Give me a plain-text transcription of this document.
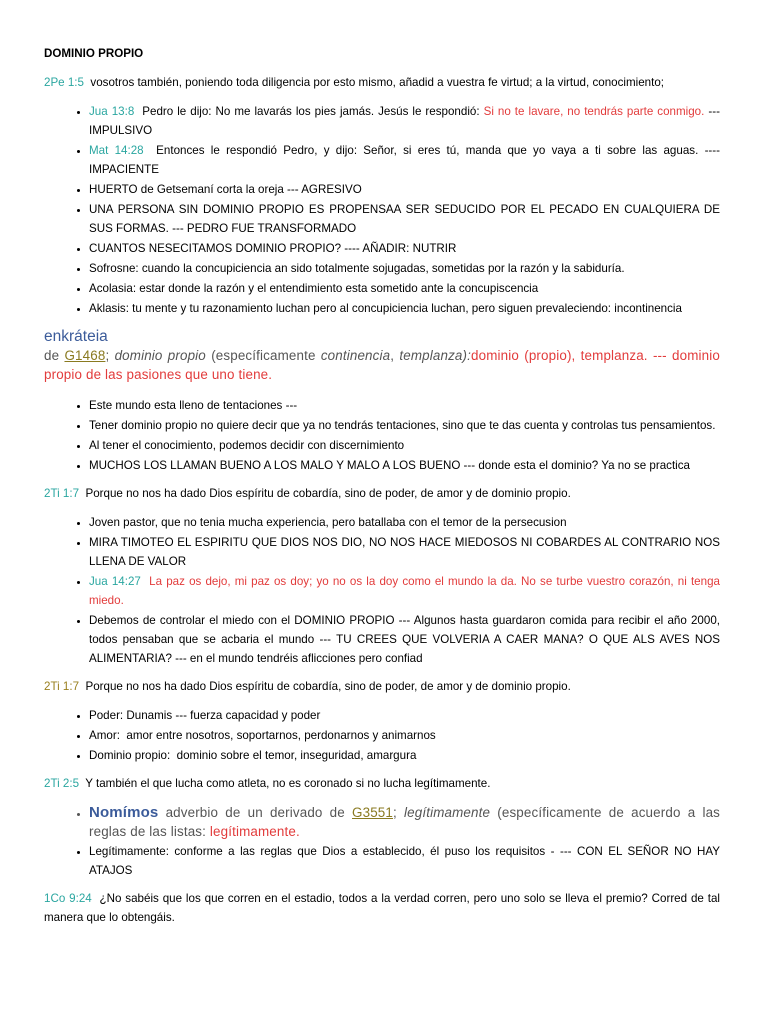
DOMINIO PROPIO

2Pe 1:5 vosotros también, poniendo toda diligencia por esto mismo, añadid a vuestra fe virtud; a la virtud, conocimiento;

• Jua 13:8 Pedro le dijo: No me lavarás los pies jamás. Jesús le respondió: Si no te lavare, no tendrás parte conmigo. --- IMPULSIVO
• Mat 14:28 Entonces le respondió Pedro, y dijo: Señor, si eres tú, manda que yo vaya a ti sobre las aguas. ---- IMPACIENTE
• HUERTO de Getsemaní corta la oreja --- AGRESIVO
• UNA PERSONA SIN DOMINIO PROPIO ES PROPENSAA SER SEDUCIDO POR EL PECADO EN CUALQUIERA DE SUS FORMAS. --- PEDRO FUE TRANSFORMADO
• CUANTOS NESECITAMOS DOMINIO PROPIO? ---- AÑADIR: NUTRIR
• Sofrosne: cuando la concupiciencia an sido totalmente sojugadas, sometidas por la razón y la sabiduría.
• Acolasia: estar donde la razón y el entendimiento esta sometido ante la concupiscencia
• Aklasis: tu mente y tu razonamiento luchan pero al concupiciencia luchan, pero siguen prevaleciendo: incontinencia
enkráteia
de G1468; dominio propio (específicamente continencia, templanza):dominio (propio), templanza. --- dominio propio de las pasiones que uno tiene.
• Este mundo esta lleno de tentaciones ---
• Tener dominio propio no quiere decir que ya no tendrás tentaciones, sino que te das cuenta y controlas tus pensamientos.
• Al tener el conocimiento, podemos decidir con discernimiento
• MUCHOS LOS LLAMAN BUENO A LOS MALO Y MALO A LOS BUENO --- donde esta el dominio? Ya no se practica

2Ti 1:7 Porque no nos ha dado Dios espíritu de cobardía, sino de poder, de amor y de dominio propio.

• Joven pastor, que no tenia mucha experiencia, pero batallaba con el temor de la persecusion
• MIRA TIMOTEO EL ESPIRITU QUE DIOS NOS DIO, NO NOS HACE MIEDOSOS NI COBARDES AL CONTRARIO NOS LLENA DE VALOR
• Jua 14:27 La paz os dejo, mi paz os doy; yo no os la doy como el mundo la da. No se turbe vuestro corazón, ni tenga miedo.
• Debemos de controlar el miedo con el DOMINIO PROPIO --- Algunos hasta guardaron comida para recibir el año 2000, todos pensaban que se acbaria el mundo --- TU CREES QUE VOLVERIA A CAER MANA? O QUE ALS AVES NOS ALIMENTARIA? --- en el mundo tendréis aflicciones pero confiad

2Ti 1:7 Porque no nos ha dado Dios espíritu de cobardía, sino de poder, de amor y de dominio propio.

• Poder: Dunamis --- fuerza capacidad y poder
• Amor: amor entre nosotros, soportarnos, perdonarnos y animarnos
• Dominio propio: dominio sobre el temor, inseguridad, amargura

2Ti 2:5 Y también el que lucha como atleta, no es coronado si no lucha legítimamente.

• Nomímos adverbio de un derivado de G3551; legítimamente (específicamente de acuerdo a las reglas de las listas: legítimamente.
• Legítimamente: conforme a las reglas que Dios a establecido, él puso los requisitos - --- CON EL SEÑOR NO HAY ATAJOS

1Co 9:24 ¿No sabéis que los que corren en el estadio, todos a la verdad corren, pero uno solo se lleva el premio? Corred de tal manera que lo obtengáis.
